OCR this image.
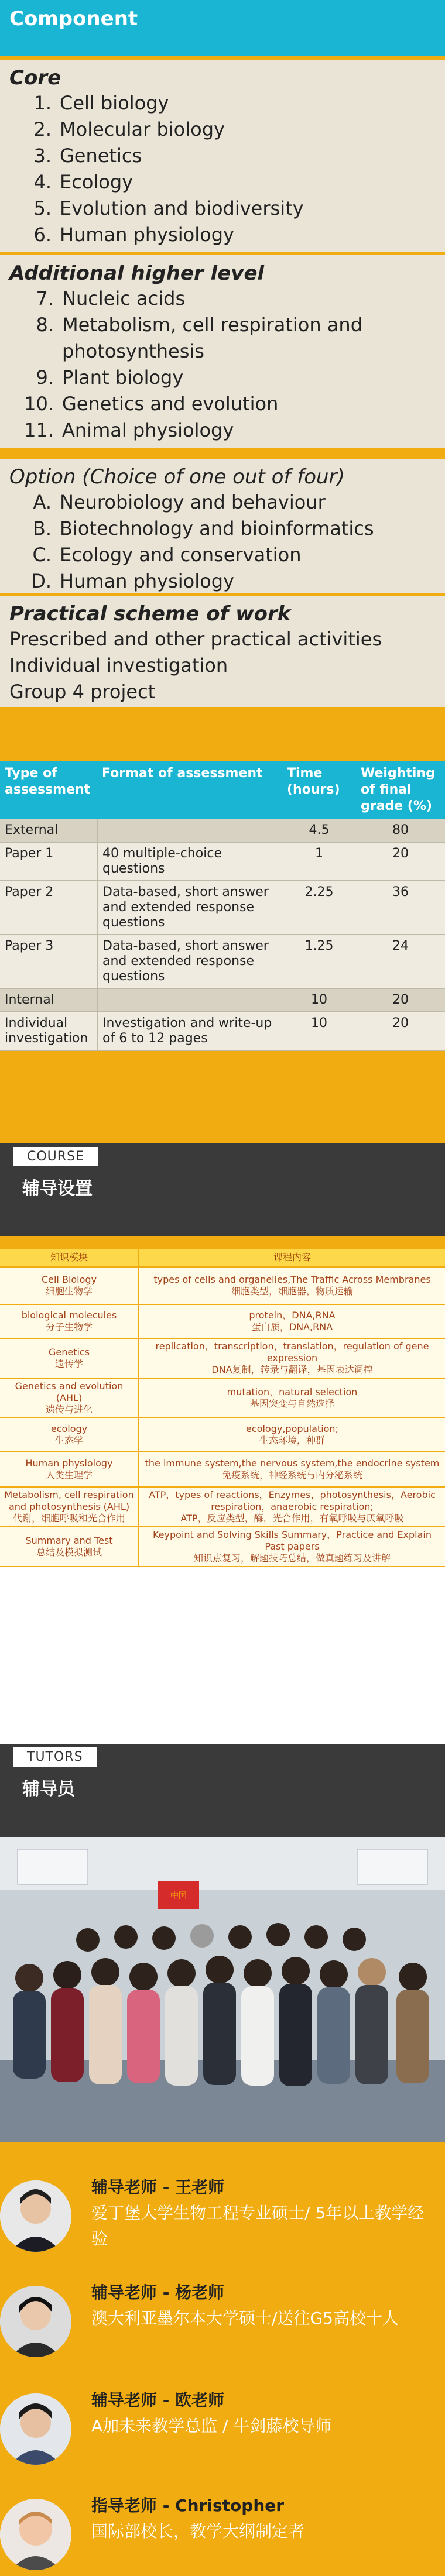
Component
Core
1. Cell biology
2. Molecular biology
3. Genetics
4. Ecology
5. Evolution and biodiversity
6. Human physiology
Additional higher level
7. Nucleic acids
8. Metabolism, cell respiration and photosynthesis
9. Plant biology
10. Genetics and evolution
11. Animal physiology
Option (Choice of one out of four)
A. Neurobiology and behaviour
B. Biotechnology and bioinformatics
C. Ecology and conservation
D. Human physiology
Practical scheme of work
Prescribed and other practical activities
Individual investigation
Group 4 project
Type of assessment	Format of assessment	Time (hours)	Weighting of final grade (%)
External		4.5	80
Paper 1	40 multiple-choice questions	1	20
Paper 2	Data-based, short answer and extended response questions	2.25	36
Paper 3	Data-based, short answer and extended response questions	1.25	24
Internal		10	20
Individual investigation	Investigation and write-up of 6 to 12 pages	10	20
COURSE
辅导设置
知识模块	课程内容

Cell Biology
细胞生物学	types of cells and organelles,The Traffic Across Membranes
细胞类型，细胞器，物质运输

biological molecules
分子生物学	protein，DNA,RNA
蛋白质，DNA,RNA

Genetics
遗传学	replication，transcription，translation，regulation of gene expression
DNA复制，转录与翻译，基因表达调控

Genetics and evolution (AHL)
遗传与进化	mutation，natural selection
基因突变与自然选择

ecology
生态学	ecology,population;
生态环境，种群

Human physiology
人类生理学	the immune system,the nervous system,the endocrine system
免疫系统，神经系统与内分泌系统

Metabolism, cell respiration and photosynthesis (AHL)
代谢，细胞呼吸和光合作用	ATP，types of reactions，Enzymes，photosynthesis，Aerobic respiration，anaerobic respiration;
ATP，反应类型，酶，光合作用，有氧呼吸与厌氧呼吸

Summary and Test
总结及模拟测试	Keypoint and Solving Skills Summary，Practice and Explain Past papers
知识点复习，解题技巧总结，做真题练习及讲解
TUTORS
辅导员
中国
辅导老师 - 王老师
爱丁堡大学生物工程专业硕士/ 5年以上教学经验
辅导老师 - 杨老师
澳大利亚墨尔本大学硕士/送往G5高校十人
辅导老师 - 欧老师
A加未来教学总监 / 牛剑藤校导师
指导老师 - Christopher
国际部校长，教学大纲制定者
